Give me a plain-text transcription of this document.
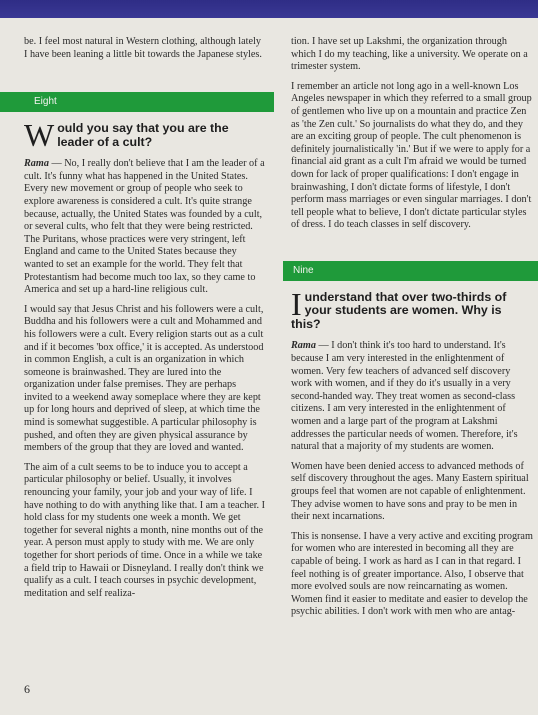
be. I feel most natural in Western clothing, although lately I have been leaning a little bit towards the Japanese styles.

Eight
W ould you say that you are the leader of a cult?

Rama — No, I really don't believe that I am the leader of a cult. It's funny what has happened in the United States. Every new movement or group of people who seek to explore awareness is considered a cult. It's quite strange because, actually, the United States was founded by a cult, or several cults, who felt that they were being restricted. The Puritans, whose practices were very stringent, left England and came to the United States because they wanted to set an example for the world. They felt that Protestantism had become much too lax, so they came to America and set up a hard-line religious cult.

I would say that Jesus Christ and his followers were a cult, Buddha and his followers were a cult and Mohammed and his followers were a cult. Every religion starts out as a cult and if it becomes 'box office,' it is accepted. As understood in common English, a cult is an organization in which someone is brainwashed. They are lured into the organization under false premises. They are perhaps invited to a weekend away someplace where they are kept up for long hours and deprived of sleep, at which time the mind is somewhat suggestible. A particular philosophy is pushed, and often they are given physical assurance by members of the group that they are loved and wanted.

The aim of a cult seems to be to induce you to accept a particular philosophy or belief. Usually, it involves renouncing your family, your job and your way of life. I have nothing to do with anything like that. I am a teacher. I hold class for my students one week a month. We get together for several nights a month, nine months out of the year. A person must apply to study with me. We are only together for short periods of time. Once in a while we take a field trip to Hawaii or Disneyland. I really don't think we qualify as a cult. I teach courses in psychic development, meditation and self realiza-

tion. I have set up Lakshmi, the organization through which I do my teaching, like a university. We operate on a trimester system.

I remember an article not long ago in a well-known Los Angeles newspaper in which they referred to a small group of gentlemen who live up on a mountain and practice Zen as 'the Zen cult.' So journalists do what they do, and they are an exciting group of people. The cult phenomenon is definitely journalistically 'in.' But if we were to apply for a financial aid grant as a cult I'm afraid we would be turned down for lack of proper qualifications: I don't engage in brainwashing, I don't dictate forms of lifestyle, I don't perform mass marriages or even singular marriages. I don't tell people what to believe, I don't dictate particular styles of dress. I do teach classes in self discovery.

Nine
I understand that over two-thirds of your students are women. Why is this?

Rama — I don't think it's too hard to understand. It's because I am very interested in the enlightenment of women. Very few teachers of advanced self discovery work with women, and if they do it's usually in a very second-handed way. They treat women as second-class citizens. I am very interested in the enlightenment of women and a large part of the program at Lakshmi addresses the particular needs of women. Therefore, it's natural that a majority of my students are women.

Women have been denied access to advanced methods of self discovery throughout the ages. Many Eastern spiritual groups feel that women are not capable of enlightenment. They advise women to have sons and pray to be men in their next incarnations.

This is nonsense. I have a very active and exciting program for women who are interested in becoming all they are capable of being. I work as hard as I can in that regard. I feel nothing is of greater importance. Also, I observe that more evolved souls are now reincarnating as women. Women find it easier to meditate and easier to develop the psychic abilities. I don't work with men who are antag-

6
